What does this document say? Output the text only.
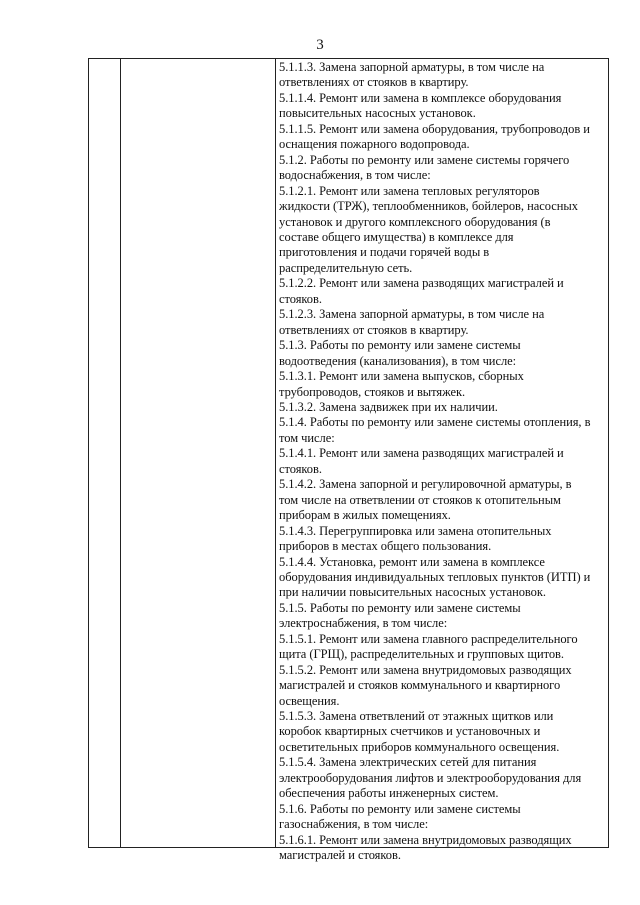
3
5.1.1.3. Замена запорной арматуры, в том числе на
ответвлениях от стояков в квартиру.
5.1.1.4. Ремонт или замена в комплексе оборудования
повысительных насосных установок.
5.1.1.5. Ремонт или замена оборудования, трубопроводов и
оснащения пожарного водопровода.
5.1.2. Работы по ремонту или замене системы горячего
водоснабжения, в том числе:
5.1.2.1. Ремонт или замена тепловых регуляторов
жидкости (ТРЖ), теплообменников, бойлеров, насосных
установок и другого комплексного оборудования (в
составе общего имущества) в комплексе для
приготовления и подачи горячей воды в
распределительную сеть.
5.1.2.2. Ремонт или замена разводящих магистралей и
стояков.
5.1.2.3. Замена запорной арматуры, в том числе на
ответвлениях от стояков в квартиру.
5.1.3. Работы по ремонту или замене системы
водоотведения (канализования), в том числе:
5.1.3.1. Ремонт или замена выпусков, сборных
трубопроводов, стояков и вытяжек.
5.1.3.2. Замена задвижек при их наличии.
5.1.4. Работы по ремонту или замене системы отопления, в
том числе:
5.1.4.1. Ремонт или замена разводящих магистралей и
стояков.
5.1.4.2. Замена запорной и регулировочной арматуры, в
том числе на ответвлении от стояков к отопительным
приборам в жилых помещениях.
5.1.4.3. Перегруппировка или замена отопительных
приборов в местах общего пользования.
5.1.4.4. Установка, ремонт или замена в комплексе
оборудования индивидуальных тепловых пунктов (ИТП) и
при наличии повысительных насосных установок.
5.1.5. Работы по ремонту или замене системы
электроснабжения, в том числе:
5.1.5.1. Ремонт или замена главного распределительного
щита (ГРЩ), распределительных и групповых щитов.
5.1.5.2. Ремонт или замена внутридомовых разводящих
магистралей и стояков коммунального и квартирного
освещения.
5.1.5.3. Замена ответвлений от этажных щитков или
коробок квартирных счетчиков и установочных и
осветительных приборов коммунального освещения.
5.1.5.4. Замена электрических сетей для питания
электрооборудования лифтов и электрооборудования для
обеспечения работы инженерных систем.
5.1.6. Работы по ремонту или замене системы
газоснабжения, в том числе:
5.1.6.1. Ремонт или замена внутридомовых разводящих
магистралей и стояков.
